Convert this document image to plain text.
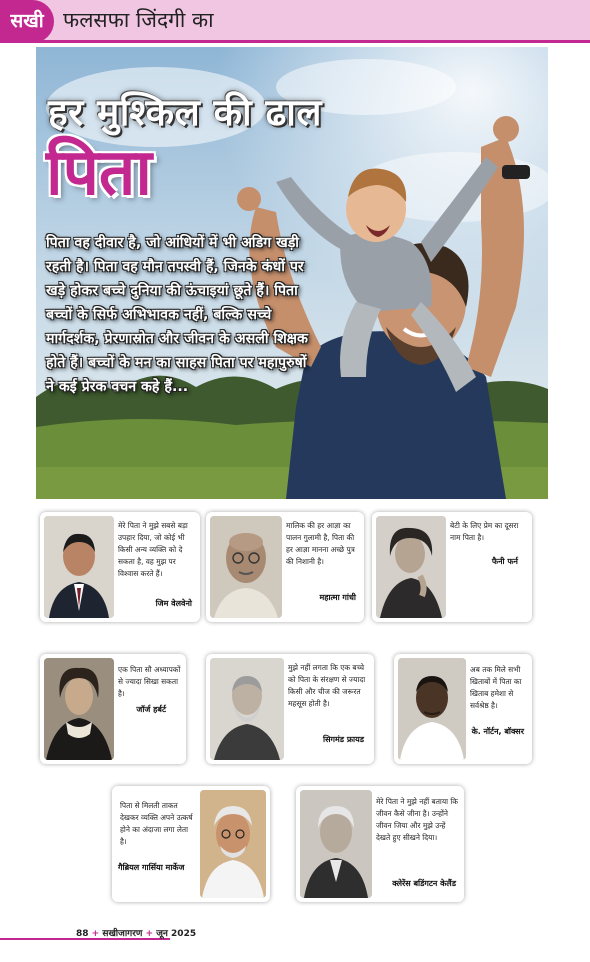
सखी फलसफा जिंदगी का
हर मुश्किल की ढाल
पिता

पिता वह दीवार है, जो आंधियों में भी अडिग खड़ी रहती है। पिता वह मौन तपस्वी हैं, जिनके कंधों पर खड़े होकर बच्चे दुनिया की ऊंचाइयां छूते हैं। पिता बच्चों के सिर्फ अभिभावक नहीं, बल्कि सच्चे मार्गदर्शक, प्रेरणास्रोत और जीवन के असली शिक्षक होते हैं। बच्चों के मन का साहस पिता पर महापुरुषों ने कई प्रेरक वचन कहे हैं...

मेरे पिता ने मुझे सबसे बड़ा उपहार दिया, जो कोई भी किसी अन्य व्यक्ति को दे सकता है, वह मुझ पर विश्वास करते हैं।

जिम वेलवेनो

मालिक की हर आज्ञा का पालन गुलामी है, पिता की हर आज्ञा मानना अच्छे पुत्र की निशानी है।

महात्मा गांधी

बेटी के लिए प्रेम का दूसरा नाम पिता है।

फैनी फर्न

एक पिता सौ अध्यापकों से ज्यादा सिखा सकता है।

जॉर्ज हर्बर्ट

मुझे नहीं लगता कि एक बच्चे को पिता के संरक्षण से ज्यादा किसी और चीज की जरूरत महसूस होती है।

सिगमंड फ्रायड

अब तक मिले सभी खिताबों में पिता का खिताब हमेशा से सर्वश्रेष्ठ है।

के. नॉर्टन, बॉक्सर

पिता से मिलती ताकत देखकर व्यक्ति अपने उत्कर्ष होने का अंदाजा लगा लेता है।

गैब्रियल गार्सिया मार्केज

मेरे पिता ने मुझे नहीं बताया कि जीवन कैसे जीना है। उन्होंने जीवन जिया और मुझे उन्हें देखते हुए सीखने दिया।

क्लेरेंस बडिंगटन केलैंड

88 + सखीजागरण + जून 2025
